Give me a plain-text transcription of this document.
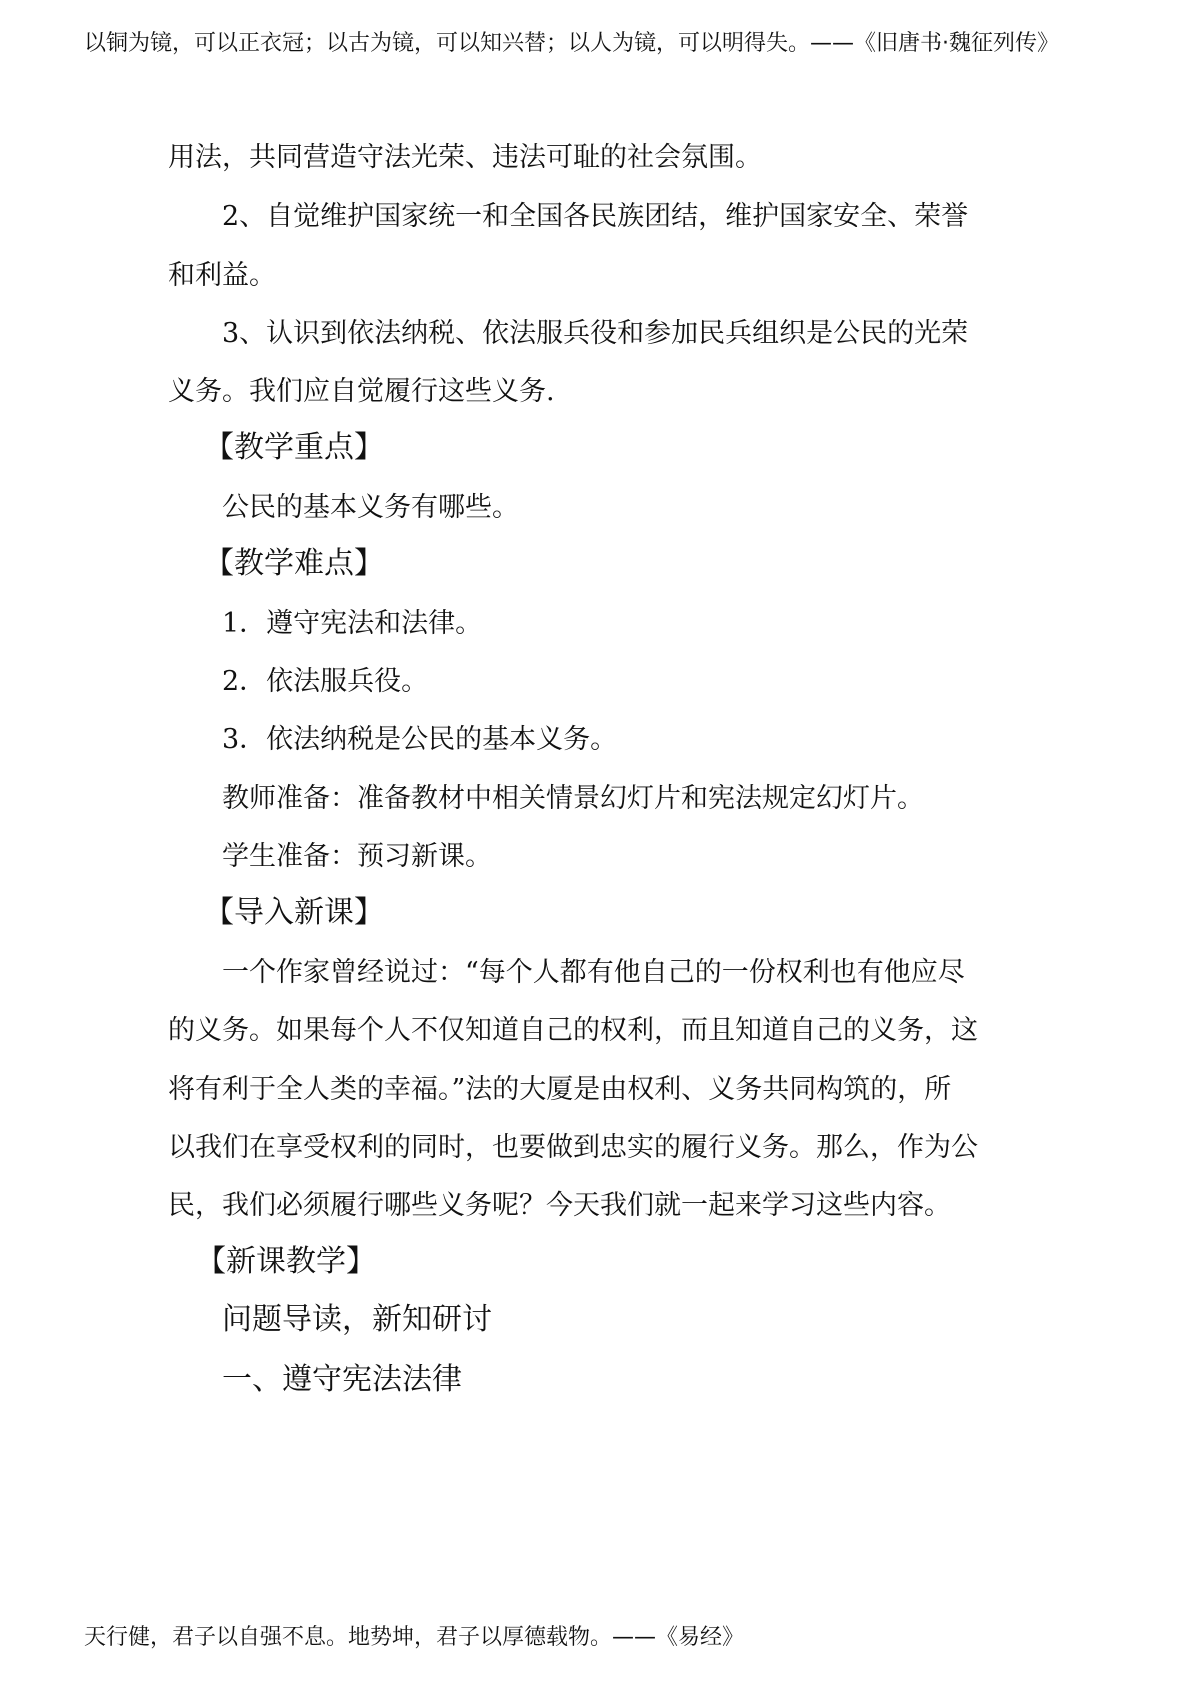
以铜为镜，可以正衣冠；以古为镜，可以知兴替；以人为镜，可以明得失。——《旧唐书·魏征列传》
用法，共同营造守法光荣、违法可耻的社会氛围。
2、自觉维护国家统一和全国各民族团结，维护国家安全、荣誉
和利益。
3、认识到依法纳税、依法服兵役和参加民兵组织是公民的光荣
义务。我们应自觉履行这些义务.
【教学重点】
公民的基本义务有哪些。
【教学难点】
1．遵守宪法和法律。
2．依法服兵役。
3．依法纳税是公民的基本义务。
教师准备：准备教材中相关情景幻灯片和宪法规定幻灯片。
学生准备：预习新课。
【导入新课】
一个作家曾经说过：“每个人都有他自己的一份权利也有他应尽
的义务。如果每个人不仅知道自己的权利，而且知道自己的义务，这
将有利于全人类的幸福。”法的大厦是由权利、义务共同构筑的，所
以我们在享受权利的同时，也要做到忠实的履行义务。那么，作为公
民，我们必须履行哪些义务呢？今天我们就一起来学习这些内容。
【新课教学】
问题导读，新知研讨
一、遵守宪法法律
天行健，君子以自强不息。地势坤，君子以厚德载物。——《易经》
